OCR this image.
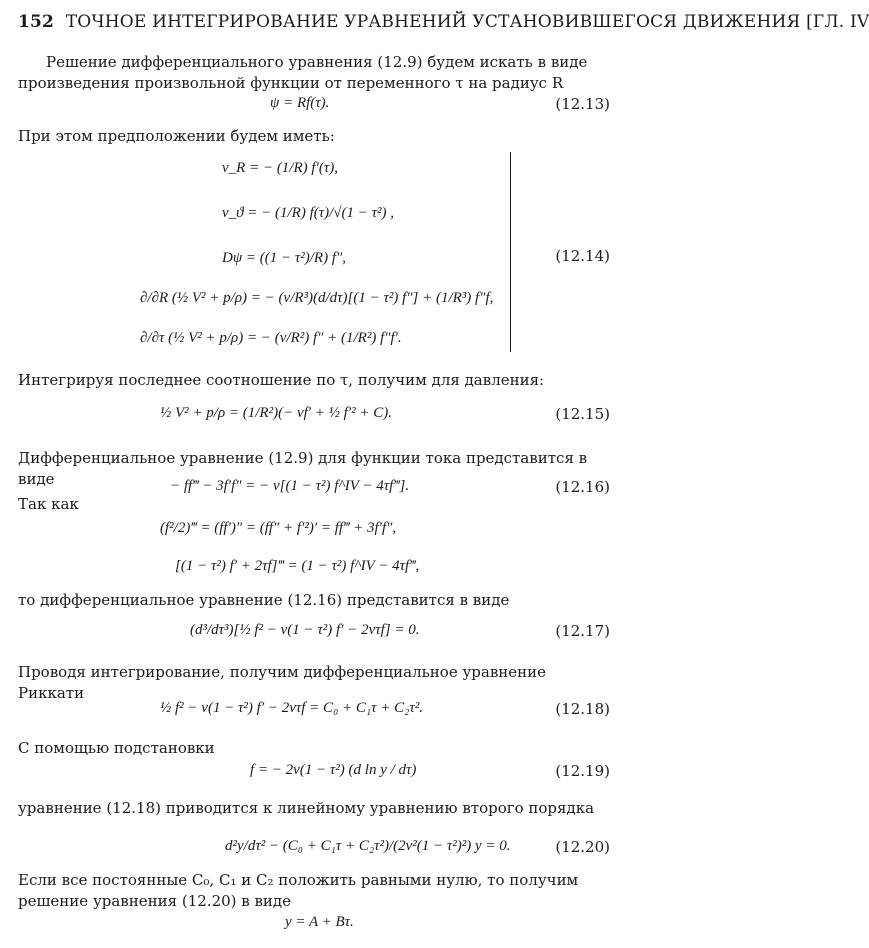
152 ТОЧНОЕ ИНТЕГРИРОВАНИЕ УРАВНЕНИЙ УСТАНОВИВШЕГОСЯ ДВИЖЕНИЯ [ГЛ. IV
Решение дифференциального уравнения (12.9) будем искать в виде произведения произвольной функции от переменного τ на радиус R
ψ = Rf(τ).	(12.13)
При этом предположении будем иметь:
v_R = − (1/R) f′(τ),
v_ϑ = − (1/R) f(τ)/√(1 − τ²) ,
Dψ = ((1 − τ²)/R) f″,
∂/∂R (½ V² + p/ρ) = − (ν/R³)(d/dτ)[(1 − τ²) f″] + (1/R³) f″f,
∂/∂τ (½ V² + p/ρ) = − (ν/R²) f″ + (1/R²) f″f′.
(12.14)
Интегрируя последнее соотношение по τ, получим для давления:
½ V² + p/ρ = (1/R²)(− νf′ + ½ f′² + C).	(12.15)
Дифференциальное уравнение (12.9) для функции тока представится в виде	− ff‴ − 3f′f″ = − ν[(1 − τ²) f^IV − 4τf‴].	(12.16)
Так как
(f²/2)‴ = (ff′)″ = (ff″ + f′²)′ = ff‴ + 3f′f″,
[(1 − τ²) f′ + 2τf]‴ = (1 − τ²) f^IV − 4τf‴,
то дифференциальное уравнение (12.16) представится в виде
(d³/dτ³)[½ f² − ν(1 − τ²) f′ − 2ντf] = 0.	(12.17)
Проводя интегрирование, получим дифференциальное уравнение Риккати
½ f² − ν(1 − τ²) f′ − 2ντf = C₀ + C₁τ + C₂τ².	(12.18)
С помощью подстановки
f = − 2ν(1 − τ²) (d ln y / dτ)	(12.19)
уравнение (12.18) приводится к линейному уравнению второго порядка
d²y/dτ² − (C₀ + C₁τ + C₂τ²)/(2ν²(1 − τ²)²) y = 0.	(12.20)
Если все постоянные C₀, C₁ и C₂ положить равными нулю, то получим решение уравнения (12.20) в виде
y = A + Bτ.
